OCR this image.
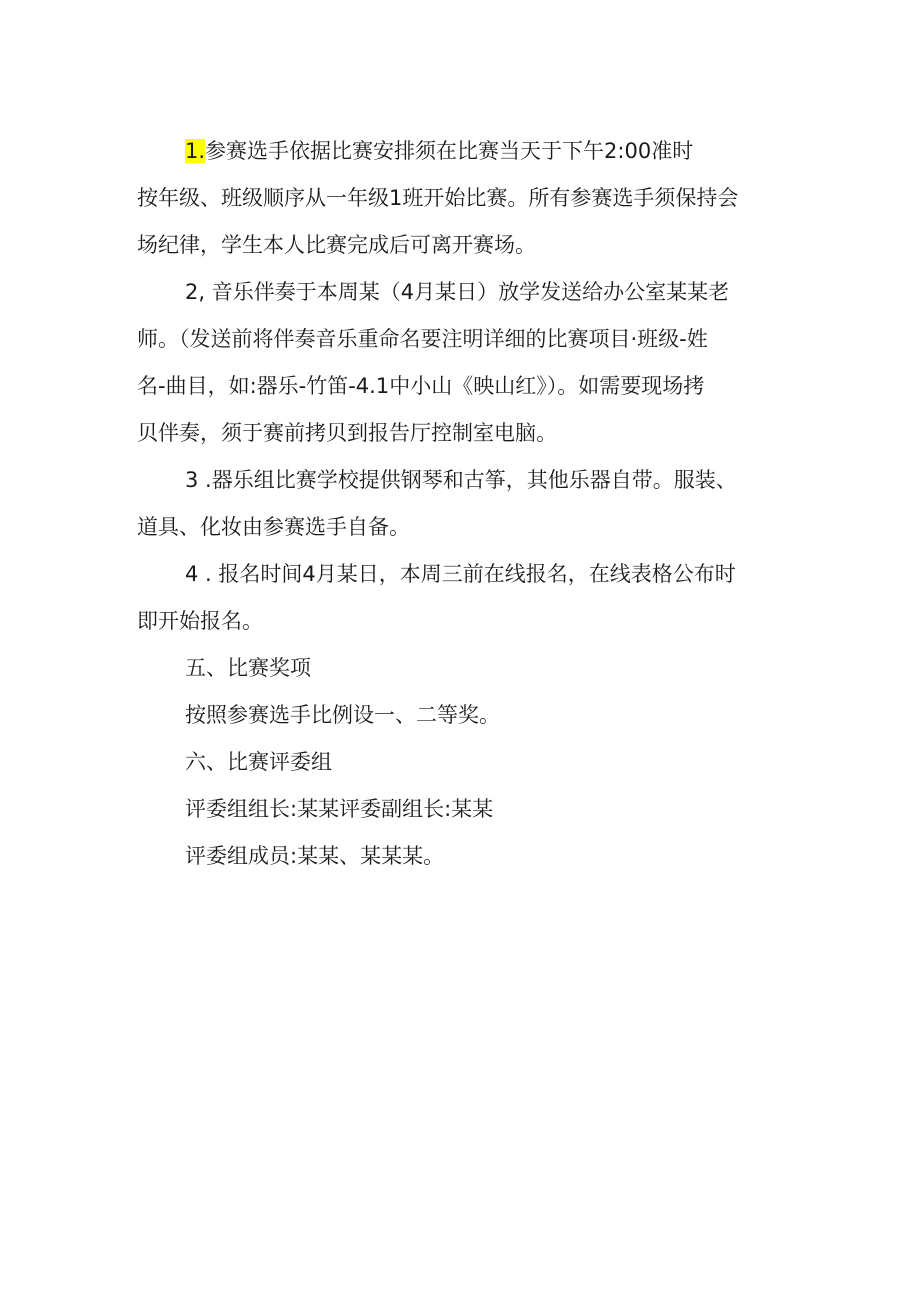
1.参赛选手依据比赛安排须在比赛当天于下午2:00准时
按年级、班级顺序从一年级1班开始比赛。所有参赛选手须保持会
场纪律，学生本人比赛完成后可离开赛场。

2, 音乐伴奏于本周某（4月某日）放学发送给办公室某某老
师。（发送前将伴奏音乐重命名要注明详细的比赛项目·班级-姓
名-曲目，如:器乐-竹笛-4.1中小山《映山红》）。如需要现场拷
贝伴奏，须于赛前拷贝到报告厅控制室电脑。

3 .器乐组比赛学校提供钢琴和古筝，其他乐器自带。服装、
道具、化妆由参赛选手自备。

4 . 报名时间4月某日，本周三前在线报名，在线表格公布时
即开始报名。

五、比赛奖项

按照参赛选手比例设一、二等奖。

六、比赛评委组

评委组组长:某某评委副组长:某某

评委组成员:某某、某某某。
